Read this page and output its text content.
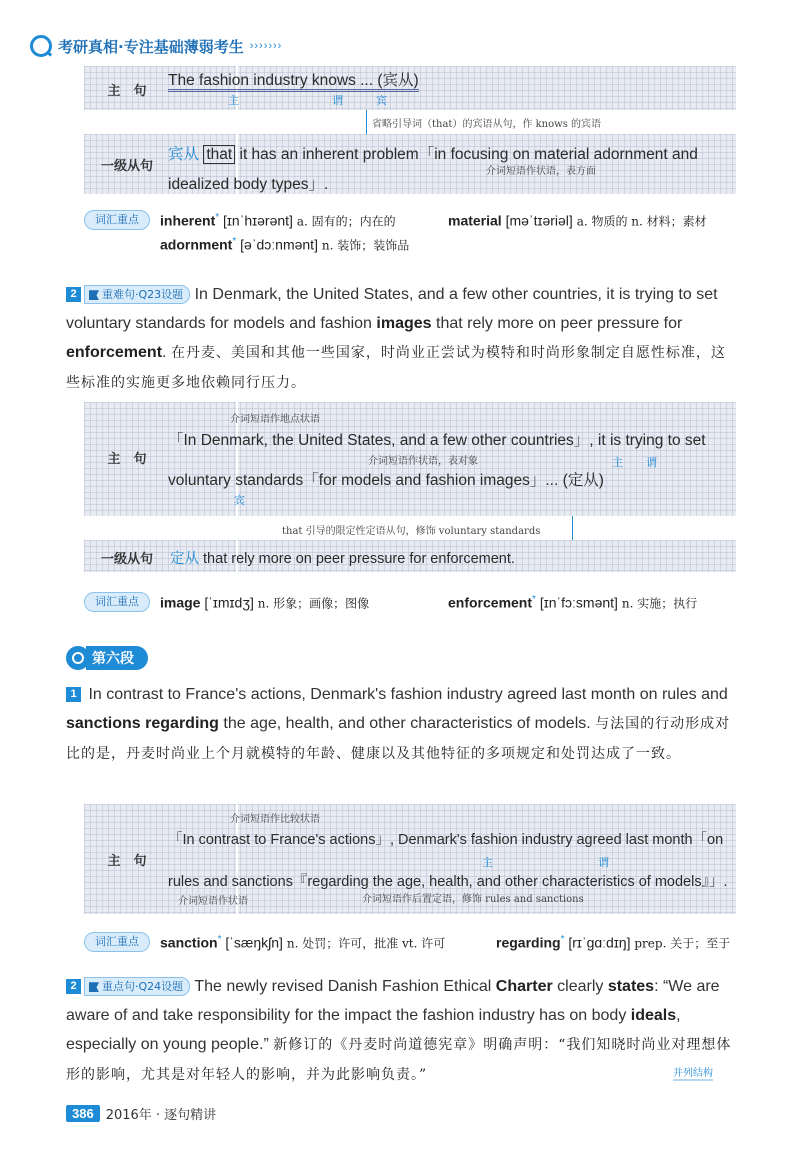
考研真相·专注基础薄弱考生 ›››››››
主　句
The fashion industry knows ... (宾从)
主	谓	宾
省略引导词（that）的宾语从句，作 knows 的宾语
一级从句
宾从 that it has an inherent problem「in focusing on material adornment and
介词短语作状语，表方面
idealized body types」.
词汇重点	inherent* [ɪnˈhɪərənt] a. 固有的；内在的	material [məˈtɪəriəl] a. 物质的 n. 材料；素材
adornment* [əˈdɔːnmənt] n. 装饰；装饰品
2 重难句·Q23设题 In Denmark, the United States, and a few other countries, it is trying to set voluntary standards for models and fashion images that rely more on peer pressure for enforcement. 在丹麦、美国和其他一些国家，时尚业正尝试为模特和时尚形象制定自愿性标准，这些标准的实施更多地依赖同行压力。
主　句
介词短语作地点状语
「In Denmark, the United States, and a few other countries」, it is trying to set
介词短语作状语，表对象	主 谓
voluntary standards「for models and fashion images」... (定从)
宾
that 引导的限定性定语从句，修饰 voluntary standards
一级从句	定从 that rely more on peer pressure for enforcement.
词汇重点	image [ˈɪmɪdʒ] n. 形象；画像；图像	enforcement* [ɪnˈfɔːsmənt] n. 实施；执行
第六段
1 In contrast to France's actions, Denmark's fashion industry agreed last month on rules and sanctions regarding the age, health, and other characteristics of models. 与法国的行动形成对比的是，丹麦时尚业上个月就模特的年龄、健康以及其他特征的多项规定和处罚达成了一致。
主　句
介词短语作比较状语
「In contrast to France's actions」, Denmark's fashion industry agreed last month「on
主	谓
rules and sanctions『regarding the age, health, and other characteristics of models』」.
介词短语作状语	介词短语作后置定语，修饰 rules and sanctions
词汇重点	sanction* [ˈsæŋkʃn] n. 处罚；许可，批准 vt. 许可	regarding* [rɪˈgɑːdɪŋ] prep. 关于；至于
2 重点句·Q24设题 The newly revised Danish Fashion Ethical Charter clearly states: “We are aware of and take responsibility for the impact the fashion industry has on body ideals, especially on young people.” 新修订的《丹麦时尚道德宪章》明确声明：“我们知晓时尚业对理想体形的影响，尤其是对年轻人的影响，并为此影响负责。”	并列结构
386 2016年 · 逐句精讲
